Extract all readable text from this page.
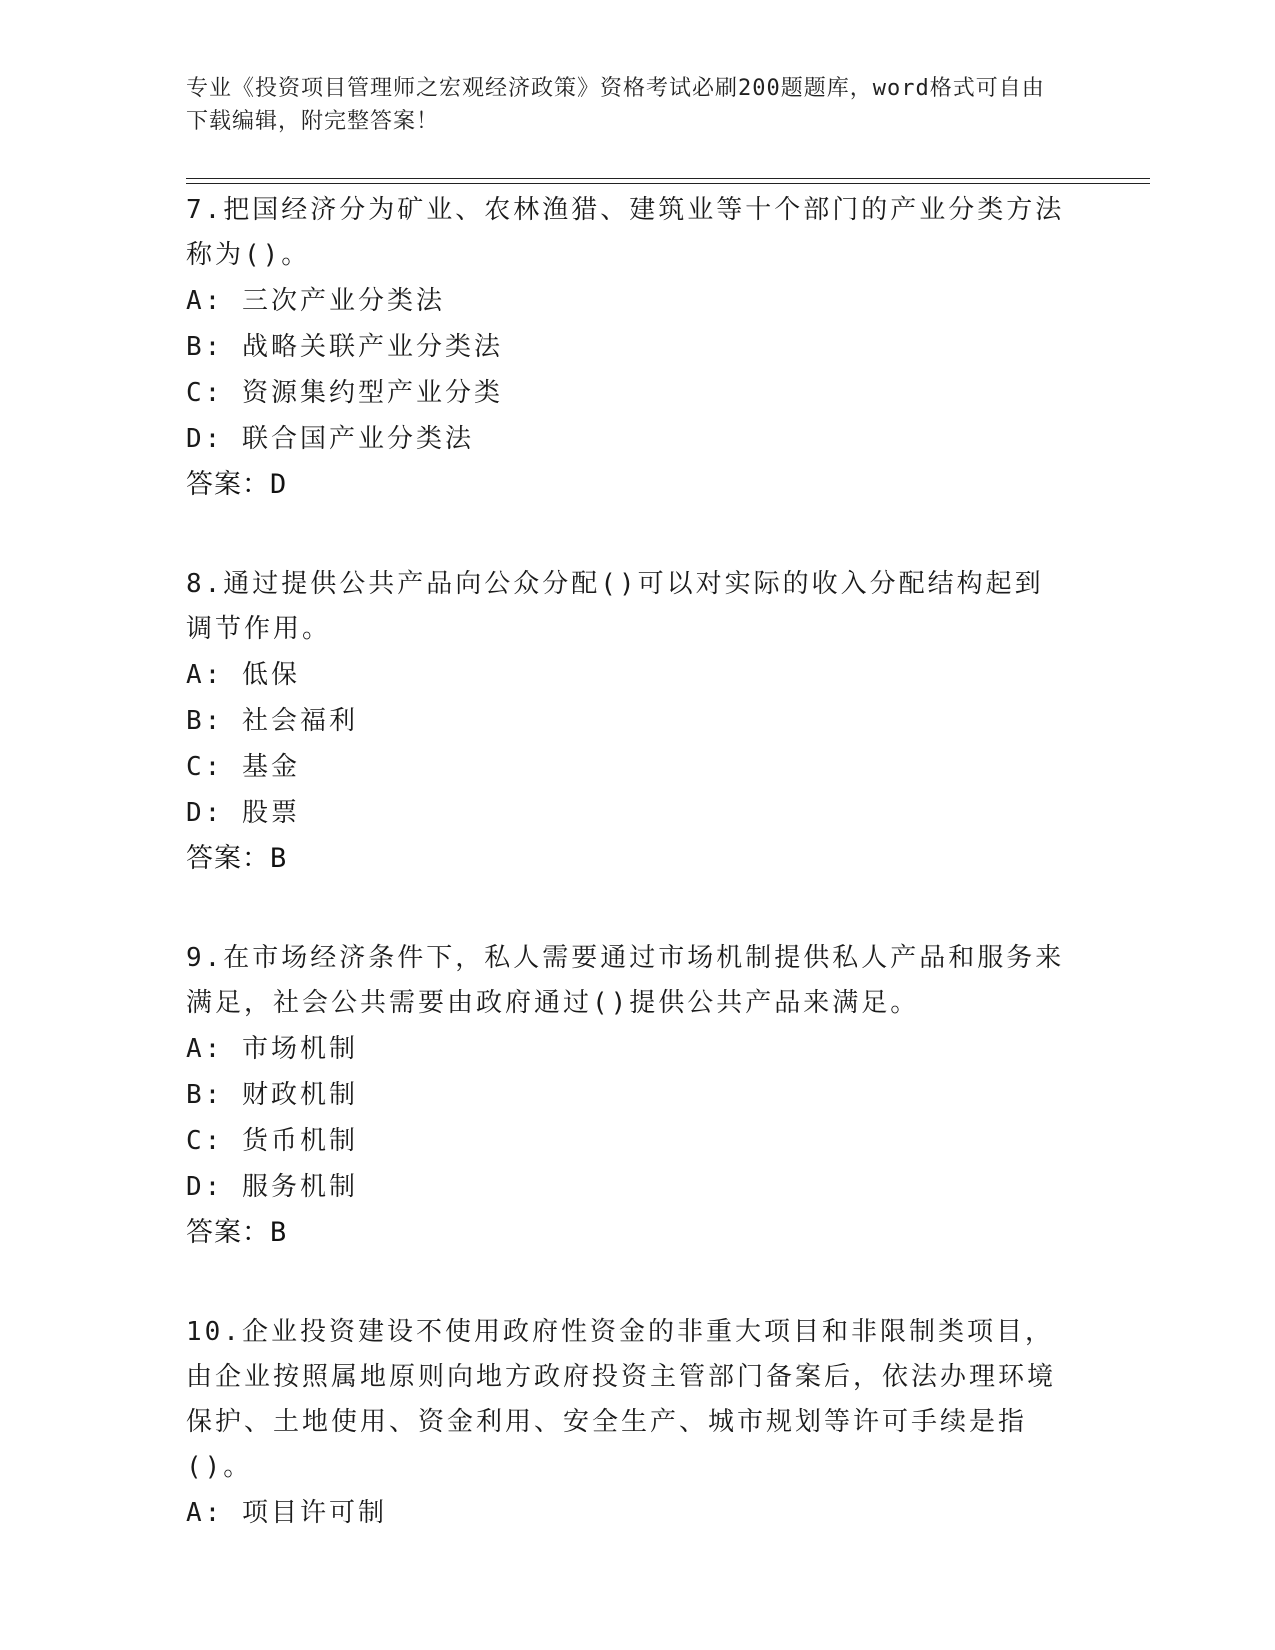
专业《投资项目管理师之宏观经济政策》资格考试必刷200题题库，word格式可自由下载编辑，附完整答案！

7.把国经济分为矿业、农林渔猎、建筑业等十个部门的产业分类方法称为()。

A: 三次产业分类法

B: 战略关联产业分类法

C: 资源集约型产业分类

D: 联合国产业分类法

答案：D

8.通过提供公共产品向公众分配()可以对实际的收入分配结构起到调节作用。

A: 低保

B: 社会福利

C: 基金

D: 股票

答案：B

9.在市场经济条件下，私人需要通过市场机制提供私人产品和服务来满足，社会公共需要由政府通过()提供公共产品来满足。

A: 市场机制

B: 财政机制

C: 货币机制

D: 服务机制

答案：B

10.企业投资建设不使用政府性资金的非重大项目和非限制类项目，由企业按照属地原则向地方政府投资主管部门备案后，依法办理环境保护、土地使用、资金利用、安全生产、城市规划等许可手续是指()。

A: 项目许可制
